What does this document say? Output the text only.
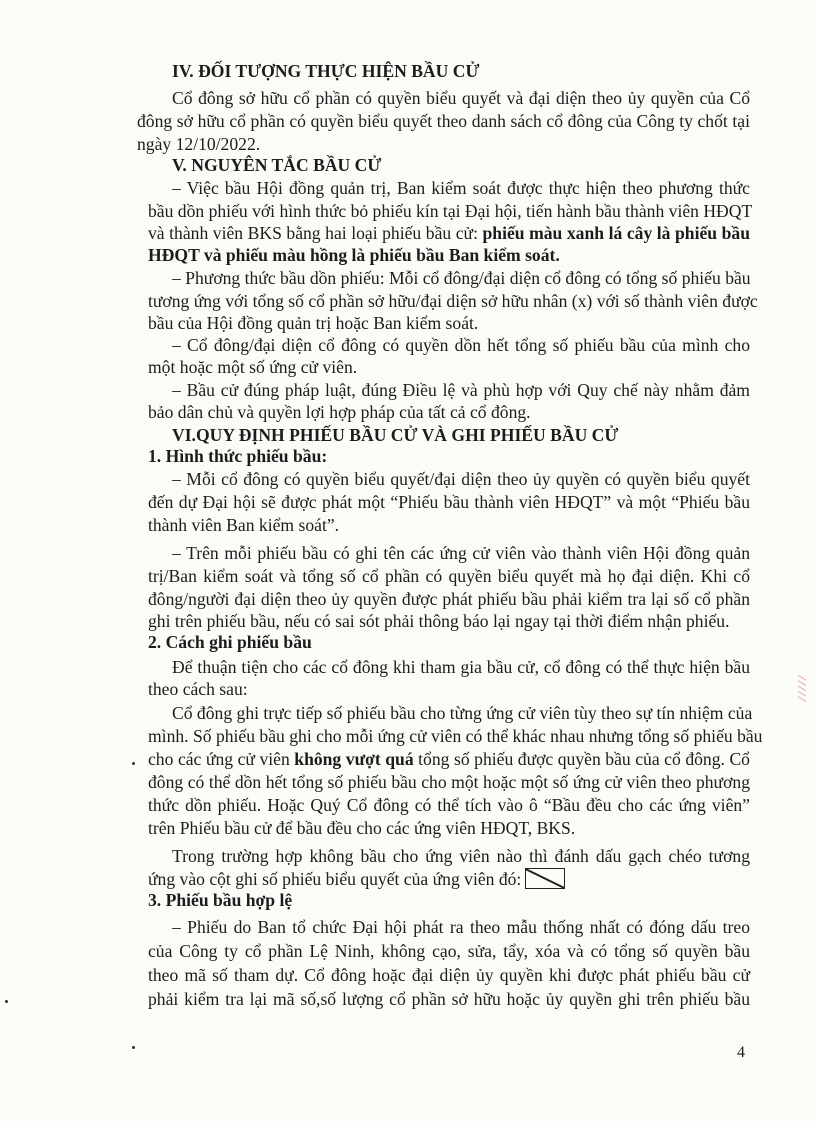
IV. ĐỐI TƯỢNG THỰC HIỆN BẦU CỬ
Cổ đông sở hữu cổ phần có quyền biểu quyết và đại diện theo ủy quyền của Cổ
đông sở hữu cổ phần có quyền biểu quyết theo danh sách cổ đông của Công ty chốt tại
ngày 12/10/2022.
V. NGUYÊN TẮC BẦU CỬ
– Việc bầu Hội đồng quản trị, Ban kiểm soát được thực hiện theo phương thức
bầu dồn phiếu với hình thức bỏ phiếu kín tại Đại hội, tiến hành bầu thành viên HĐQT
và thành viên BKS bằng hai loại phiếu bầu cử: phiếu màu xanh lá cây là phiếu bầu
HĐQT và phiếu màu hồng là phiếu bầu Ban kiểm soát.
– Phương thức bầu dồn phiếu: Mỗi cổ đông/đại diện cổ đông có tổng số phiếu bầu
tương ứng với tổng số cổ phần sở hữu/đại diện sở hữu nhân (x) với số thành viên được
bầu của Hội đồng quản trị hoặc Ban kiểm soát.
– Cổ đông/đại diện cổ đông có quyền dồn hết tổng số phiếu bầu của mình cho
một hoặc một số ứng cử viên.
– Bầu cử đúng pháp luật, đúng Điều lệ và phù hợp với Quy chế này nhằm đảm
bảo dân chủ và quyền lợi hợp pháp của tất cả cổ đông.
VI.QUY ĐỊNH PHIẾU BẦU CỬ VÀ GHI PHIẾU BẦU CỬ
1. Hình thức phiếu bầu:
– Mỗi cổ đông có quyền biểu quyết/đại diện theo ủy quyền có quyền biểu quyết
đến dự Đại hội sẽ được phát một “Phiếu bầu thành viên HĐQT” và một “Phiếu bầu
thành viên Ban kiểm soát”.
– Trên mỗi phiếu bầu có ghi tên các ứng cử viên vào thành viên Hội đồng quản
trị/Ban kiểm soát và tổng số cổ phần có quyền biểu quyết mà họ đại diện. Khi cổ
đông/người đại diện theo ủy quyền được phát phiếu bầu phải kiểm tra lại số cổ phần
ghi trên phiếu bầu, nếu có sai sót phải thông báo lại ngay tại thời điểm nhận phiếu.
2. Cách ghi phiếu bầu
Để thuận tiện cho các cổ đông khi tham gia bầu cử, cổ đông có thể thực hiện bầu
theo cách sau:
Cổ đông ghi trực tiếp số phiếu bầu cho từng ứng cử viên tùy theo sự tín nhiệm của
mình. Số phiếu bầu ghi cho mỗi ứng cử viên có thể khác nhau nhưng tổng số phiếu bầu
cho các ứng cử viên không vượt quá tổng số phiếu được quyền bầu của cổ đông. Cổ
đông có thể dồn hết tổng số phiếu bầu cho một hoặc một số ứng cử viên theo phương
thức dồn phiếu. Hoặc Quý Cổ đông có thể tích vào ô “Bầu đều cho các ứng viên”
trên Phiếu bầu cử để bầu đều cho các ứng viên HĐQT, BKS.
Trong trường hợp không bầu cho ứng viên nào thì đánh dấu gạch chéo tương
ứng vào cột ghi số phiếu biểu quyết của ứng viên đó:
3. Phiếu bầu hợp lệ
– Phiếu do Ban tổ chức Đại hội phát ra theo mẫu thống nhất có đóng dấu treo
của Công ty cổ phần Lệ Ninh, không cạo, sửa, tẩy, xóa và có tổng số quyền bầu
theo mã số tham dự. Cổ đông hoặc đại diện ủy quyền khi được phát phiếu bầu cử
phải kiểm tra lại mã số,số lượng cổ phần sở hữu hoặc ủy quyền ghi trên phiếu bầu
4
⁄ ⁄ ⁄ ⁄ ⁄
